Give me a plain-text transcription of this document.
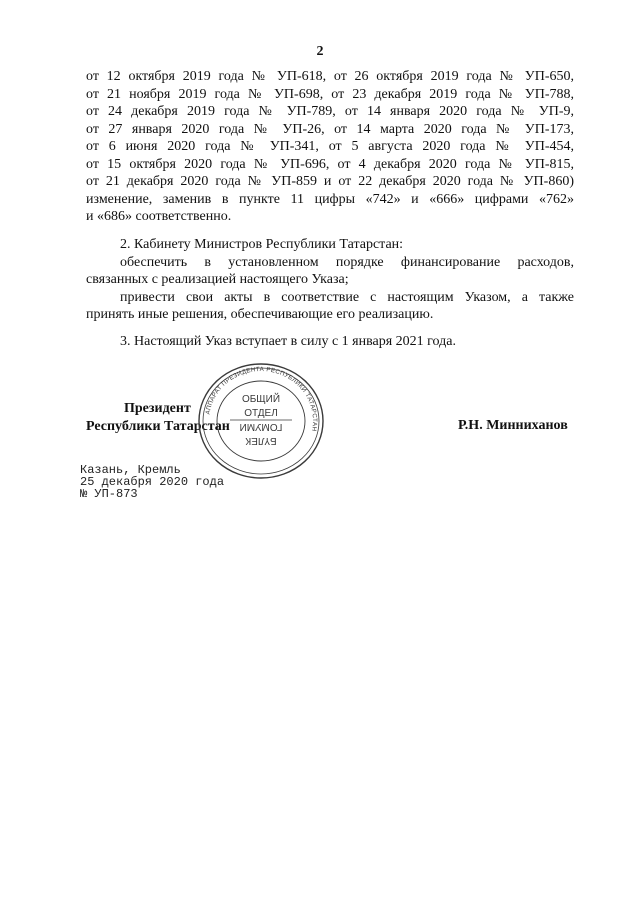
2
от 12 октября 2019 года № УП-618, от 26 октября 2019 года № УП-650,
от 21 ноября 2019 года № УП-698, от 23 декабря 2019 года № УП-788,
от 24 декабря 2019 года № УП-789, от 14 января 2020 года № УП-9,
от 27 января 2020 года № УП-26, от 14 марта 2020 года № УП-173,
от 6 июня 2020 года № УП-341, от 5 августа 2020 года № УП-454,
от 15 октября 2020 года № УП-696, от 4 декабря 2020 года № УП-815,
от 21 декабря 2020 года № УП-859 и от 22 декабря 2020 года № УП-860)
изменение, заменив в пункте 11 цифры «742» и «666» цифрами «762»
и «686» соответственно.
2. Кабинету Министров Республики Татарстан:
обеспечить в установленном порядке финансирование расходов,
связанных с реализацией настоящего Указа;
привести свои акты в соответствие с настоящим Указом, а также
принять иные решения, обеспечивающие его реализацию.
3. Настоящий Указ вступает в силу с 1 января 2021 года.
Президент
Республики Татарстан
АППАРАТ ПРЕЗИДЕНТА РЕСПУБЛИКИ ТАТАРСТАН
ОБЩИЙ
ОТДЕЛ
БҮЛЕК
ГОМУМИ	Р.Н. Минниханов
Казань, Кремль
25 декабря 2020 года
№ УП-873
